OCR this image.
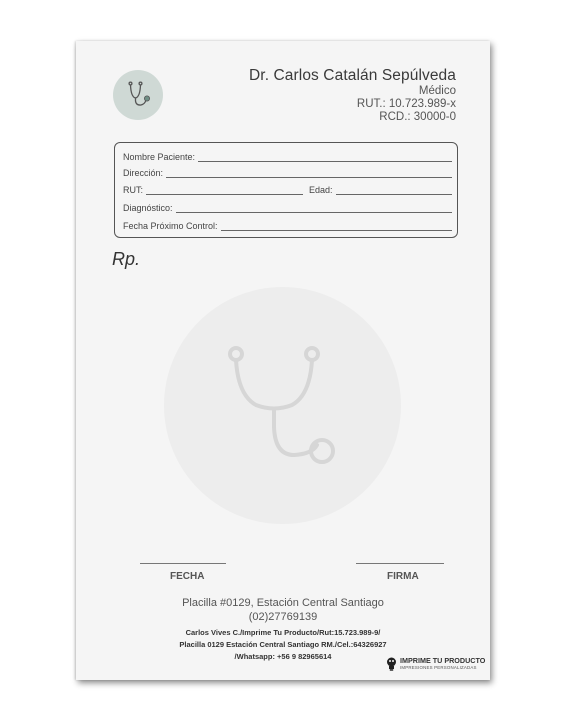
Dr. Carlos Catalán Sepúlveda
Médico
RUT.: 10.723.989-x
RCD.: 30000-0
Nombre Paciente:
Dirección:
RUT:	Edad:
Diagnóstico:
Fecha Próximo Control:
Rp.
FECHA	FIRMA
Placilla #0129, Estación Central Santiago
(02)27769139
Carlos Vives C./Imprime Tu Producto/Rut:15.723.989-9/
Placilla 0129 Estación Central Santiago RM./Cel.:64326927
/Whatsapp: +56 9 82965614	IMPRIME TU PRODUCTO
IMPRESIONES PERSONALIZADAS
